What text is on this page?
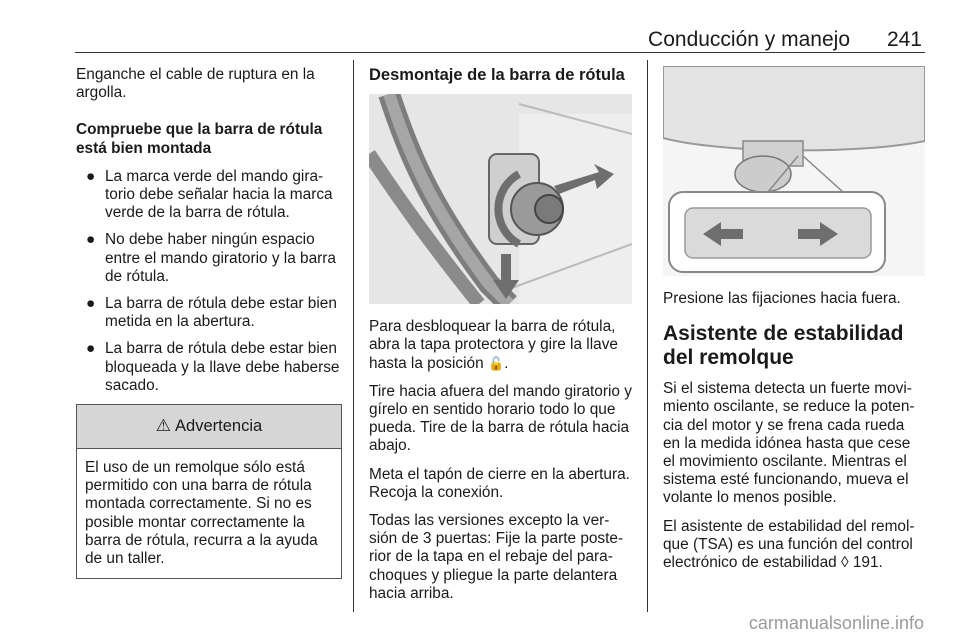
Conducción y manejo	241

Enganche el cable de ruptura en la argolla.

Compruebe que la barra de rótula está bien montada

● La marca verde del mando gira-torio debe señalar hacia la marca verde de la barra de rótula.
● No debe haber ningún espacio entre el mando giratorio y la barra de rótula.
● La barra de rótula debe estar bien metida en la abertura.
● La barra de rótula debe estar bien bloqueada y la llave debe haberse sacado.
⚠ Advertencia
El uso de un remolque sólo está permitido con una barra de rótula montada correctamente. Si no es posible montar correctamente la barra de rótula, recurra a la ayuda de un taller.

Desmontaje de la barra de rótula

Para desbloquear la barra de rótula, abra la tapa protectora y gire la llave hasta la posición 🔓.

Tire hacia afuera del mando giratorio y gírelo en sentido horario todo lo que pueda. Tire de la barra de rótula hacia abajo.

Meta el tapón de cierre en la abertura. Recoja la conexión.

Todas las versiones excepto la ver-sión de 3 puertas: Fije la parte poste-rior de la tapa en el rebaje del para-choques y pliegue la parte delantera hacia arriba.

Presione las fijaciones hacia fuera.

Asistente de estabilidad del remolque

Si el sistema detecta un fuerte movi-miento oscilante, se reduce la poten-cia del motor y se frena cada rueda en la medida idónea hasta que cese el movimiento oscilante. Mientras el sistema esté funcionando, mueva el volante lo menos posible.

El asistente de estabilidad del remol-que (TSA) es una función del control electrónico de estabilidad ◊ 191.

carmanualsonline.info
